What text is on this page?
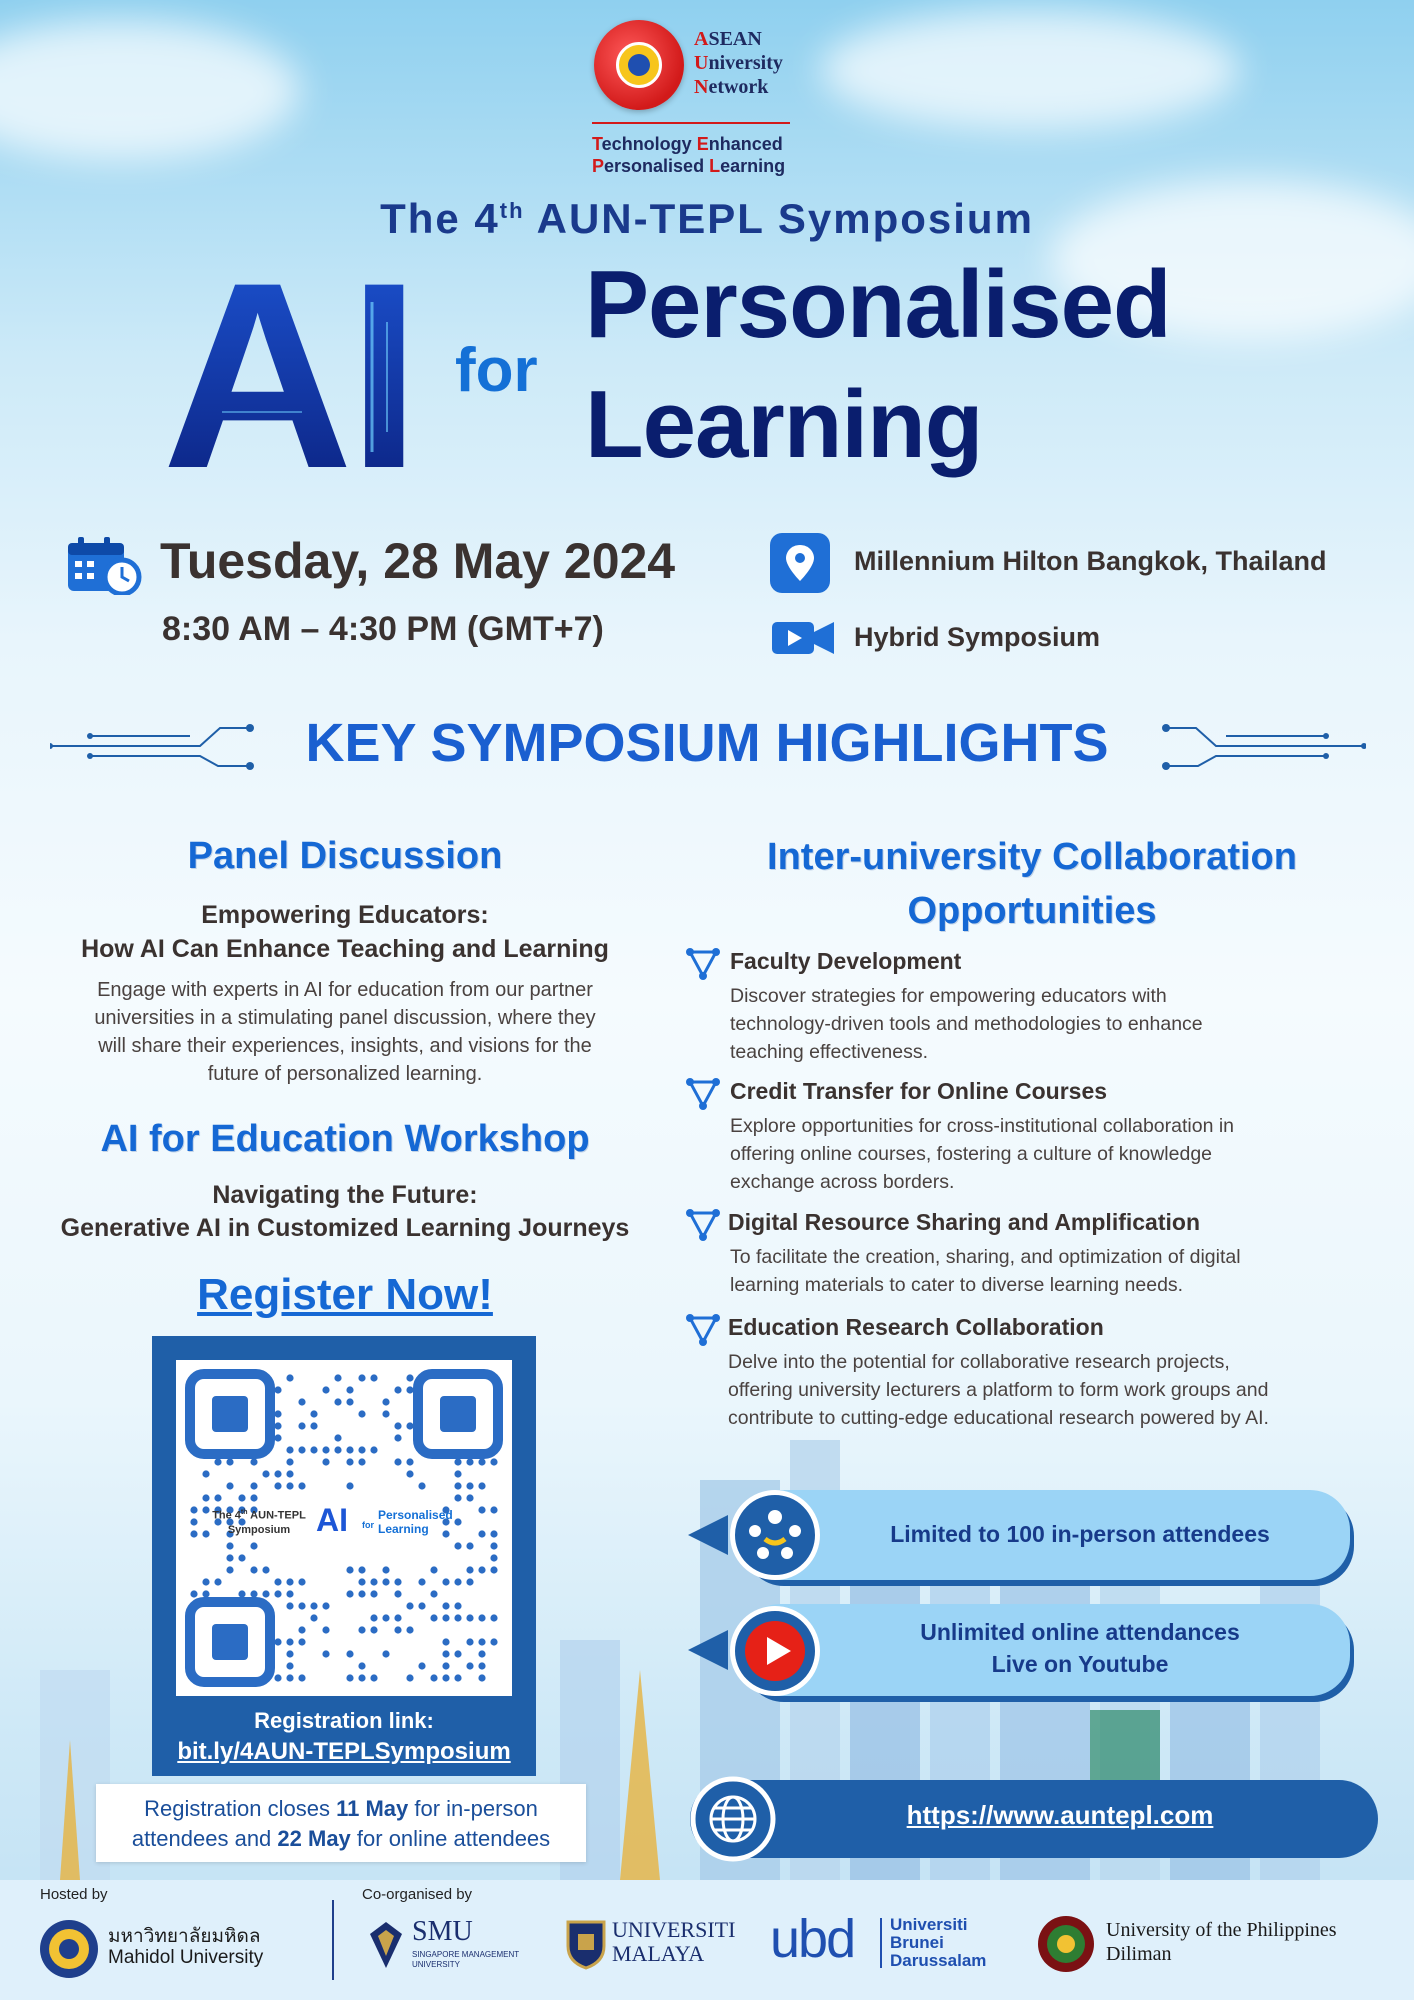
ASEAN
University
Network
Technology Enhanced
Personalised Learning
The 4th AUN-TEPL Symposium
AI for
Personalised
Learning
Tuesday, 28 May 2024
8:30 AM – 4:30 PM (GMT+7)
Millennium Hilton Bangkok, Thailand
Hybrid Symposium
KEY SYMPOSIUM HIGHLIGHTS
Panel Discussion
Empowering Educators:
How AI Can Enhance Teaching and Learning
Engage with experts in AI for education from our partner
universities in a stimulating panel discussion, where they
will share their experiences, insights, and visions for the
future of personalized learning.
AI for Education Workshop
Navigating the Future:
Generative AI in Customized Learning Journeys
Register Now!
The 4th AUN-TEPL
Symposium AI for
Personalised
Learning
Registration link:
bit.ly/4AUN-TEPLSymposium
Registration closes 11 May for in-person
attendees and 22 May for online attendees
Inter-university Collaboration
Opportunities
Faculty Development
Discover strategies for empowering educators with
technology-driven tools and methodologies to enhance
teaching effectiveness.
Credit Transfer for Online Courses
Explore opportunities for cross-institutional collaboration in
offering online courses, fostering a culture of knowledge
exchange across borders.
Digital Resource Sharing and Amplification
To facilitate the creation, sharing, and optimization of digital
learning materials to cater to diverse learning needs.
Education Research Collaboration
Delve into the potential for collaborative research projects,
offering university lecturers a platform to form work groups and
contribute to cutting-edge educational research powered by AI.
Limited to 100 in-person attendees
Unlimited online attendances
Live on Youtube
https://www.auntepl.com
Hosted by
มหาวิทยาลัยมหิดล
Mahidol University
Co-organised by
SMU
SINGAPORE MANAGEMENT
UNIVERSITY
UNIVERSITI
MALAYA	ubd Universiti
Brunei
Darussalam
University of the Philippines
Diliman
